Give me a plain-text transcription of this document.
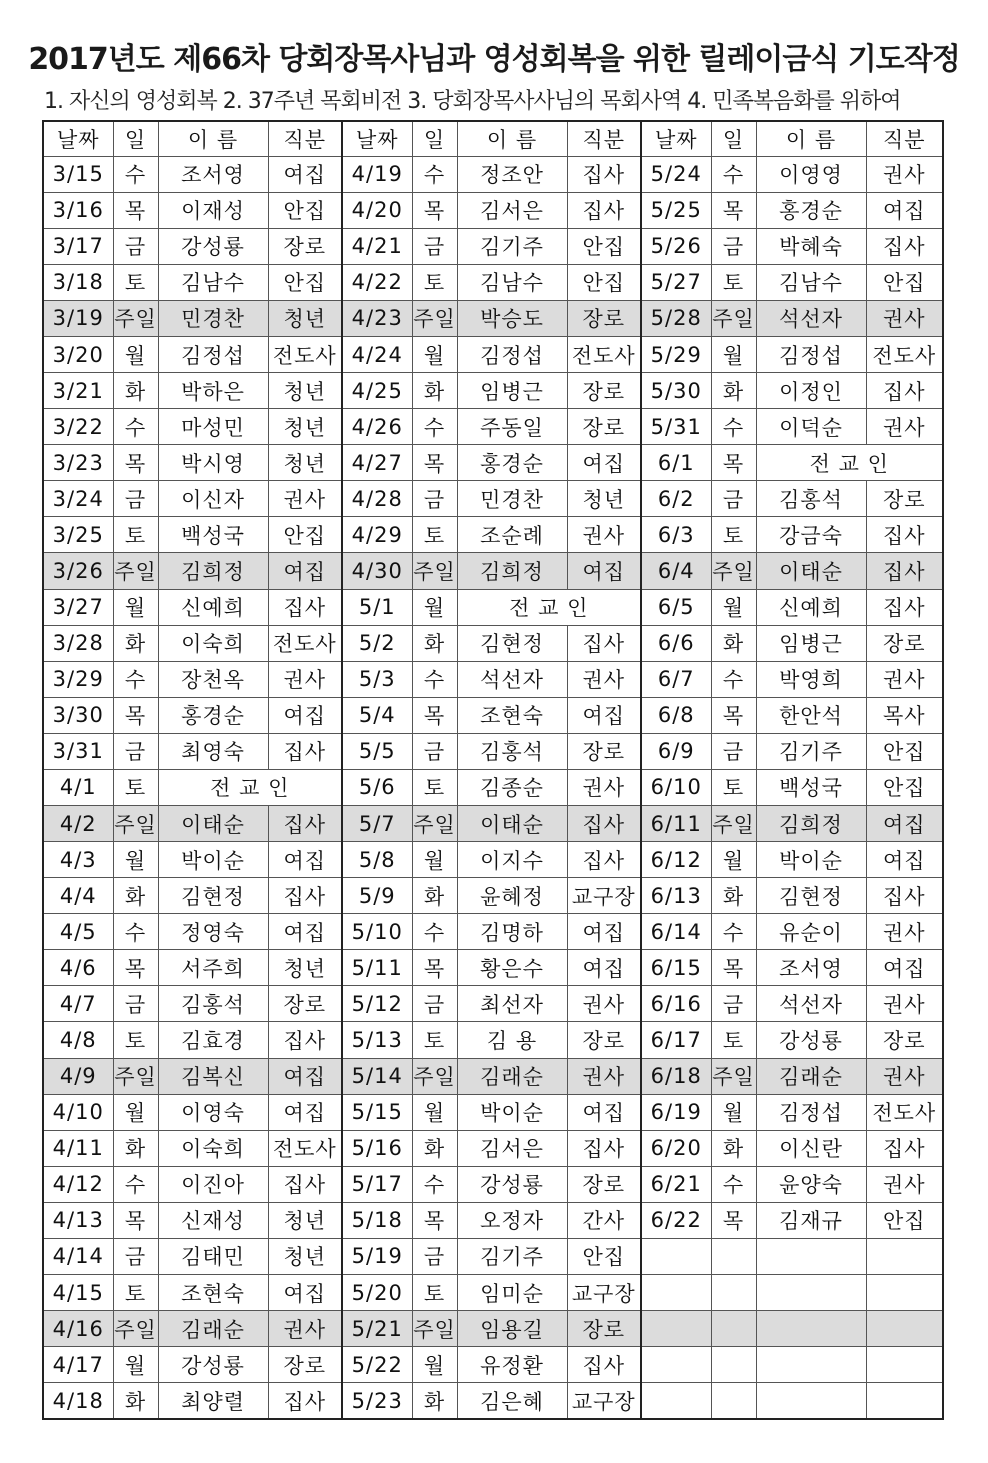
2017년도 제66차 당회장목사님과 영성회복을 위한 릴레이금식 기도작정
1. 자신의 영성회복 2. 37주년 목회비전 3. 당회장목사사님의 목회사역 4. 민족복음화를 위하여
날짜	일	이 름	직분	날짜	일	이 름	직분	날짜	일	이 름	직분
3/15	수	조서영	여집	4/19	수	정조안	집사	5/24	수	이영영	권사
3/16	목	이재성	안집	4/20	목	김서은	집사	5/25	목	홍경순	여집
3/17	금	강성룡	장로	4/21	금	김기주	안집	5/26	금	박혜숙	집사
3/18	토	김남수	안집	4/22	토	김남수	안집	5/27	토	김남수	안집
3/19	주일	민경찬	청년	4/23	주일	박승도	장로	5/28	주일	석선자	권사
3/20	월	김정섭	전도사	4/24	월	김정섭	전도사	5/29	월	김정섭	전도사
3/21	화	박하은	청년	4/25	화	임병근	장로	5/30	화	이정인	집사
3/22	수	마성민	청년	4/26	수	주동일	장로	5/31	수	이덕순	권사
3/23	목	박시영	청년	4/27	목	홍경순	여집	6/1	목	전 교 인	
3/24	금	이신자	권사	4/28	금	민경찬	청년	6/2	금	김홍석	장로
3/25	토	백성국	안집	4/29	토	조순례	권사	6/3	토	강금숙	집사
3/26	주일	김희정	여집	4/30	주일	김희정	여집	6/4	주일	이태순	집사
3/27	월	신예희	집사	5/1	월	전 교 인		6/5	월	신예희	집사
3/28	화	이숙희	전도사	5/2	화	김현정	집사	6/6	화	임병근	장로
3/29	수	장천옥	권사	5/3	수	석선자	권사	6/7	수	박영희	권사
3/30	목	홍경순	여집	5/4	목	조현숙	여집	6/8	목	한안석	목사
3/31	금	최영숙	집사	5/5	금	김홍석	장로	6/9	금	김기주	안집
4/1	토	전 교 인		5/6	토	김종순	권사	6/10	토	백성국	안집
4/2	주일	이태순	집사	5/7	주일	이태순	집사	6/11	주일	김희정	여집
4/3	월	박이순	여집	5/8	월	이지수	집사	6/12	월	박이순	여집
4/4	화	김현정	집사	5/9	화	윤혜정	교구장	6/13	화	김현정	집사
4/5	수	정영숙	여집	5/10	수	김명하	여집	6/14	수	유순이	권사
4/6	목	서주희	청년	5/11	목	황은수	여집	6/15	목	조서영	여집
4/7	금	김홍석	장로	5/12	금	최선자	권사	6/16	금	석선자	권사
4/8	토	김효경	집사	5/13	토	김 용	장로	6/17	토	강성룡	장로
4/9	주일	김복신	여집	5/14	주일	김래순	권사	6/18	주일	김래순	권사
4/10	월	이영숙	여집	5/15	월	박이순	여집	6/19	월	김정섭	전도사
4/11	화	이숙희	전도사	5/16	화	김서은	집사	6/20	화	이신란	집사
4/12	수	이진아	집사	5/17	수	강성룡	장로	6/21	수	윤양숙	권사
4/13	목	신재성	청년	5/18	목	오정자	간사	6/22	목	김재규	안집
4/14	금	김태민	청년	5/19	금	김기주	안집				
4/15	토	조현숙	여집	5/20	토	임미순	교구장				
4/16	주일	김래순	권사	5/21	주일	임용길	장로				
4/17	월	강성룡	장로	5/22	월	유정환	집사				
4/18	화	최양렬	집사	5/23	화	김은혜	교구장				
